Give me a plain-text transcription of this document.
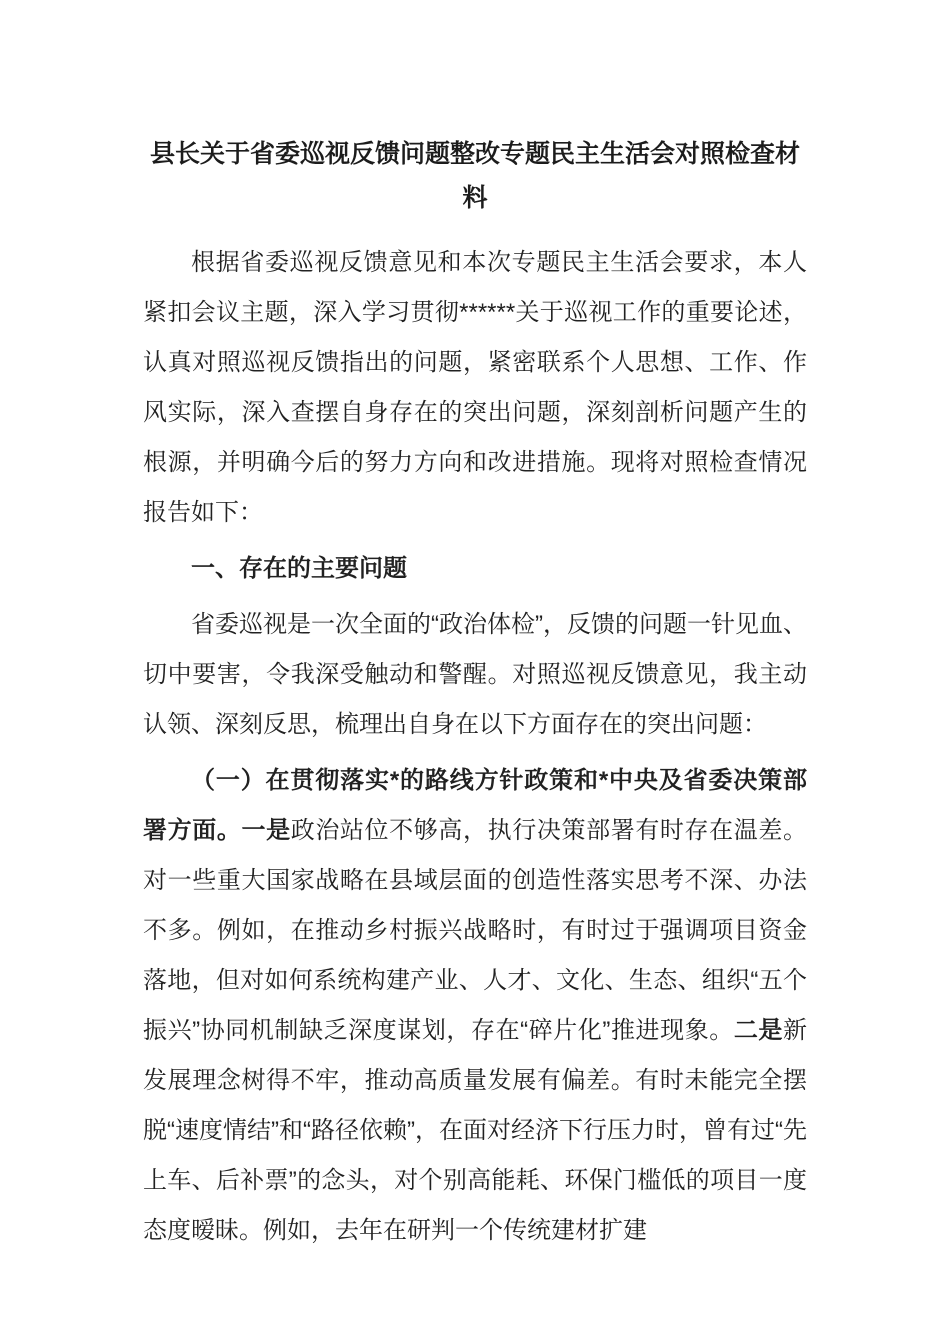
县长关于省委巡视反馈问题整改专题民主生活会对照检查材料

根据省委巡视反馈意见和本次专题民主生活会要求，本人紧扣会议主题，深入学习贯彻******关于巡视工作的重要论述，认真对照巡视反馈指出的问题，紧密联系个人思想、工作、作风实际，深入查摆自身存在的突出问题，深刻剖析问题产生的根源，并明确今后的努力方向和改进措施。现将对照检查情况报告如下：

一、存在的主要问题

省委巡视是一次全面的“政治体检”，反馈的问题一针见血、切中要害，令我深受触动和警醒。对照巡视反馈意见，我主动认领、深刻反思，梳理出自身在以下方面存在的突出问题：

（一）在贯彻落实*的路线方针政策和*中央及省委决策部署方面。一是政治站位不够高，执行决策部署有时存在温差。对一些重大国家战略在县域层面的创造性落实思考不深、办法不多。例如，在推动乡村振兴战略时，有时过于强调项目资金落地，但对如何系统构建产业、人才、文化、生态、组织“五个振兴”协同机制缺乏深度谋划，存在“碎片化”推进现象。二是新发展理念树得不牢，推动高质量发展有偏差。有时未能完全摆脱“速度情结”和“路径依赖”，在面对经济下行压力时，曾有过“先上车、后补票”的念头，对个别高能耗、环保门槛低的项目一度态度暧昧。例如，去年在研判一个传统建材扩建
